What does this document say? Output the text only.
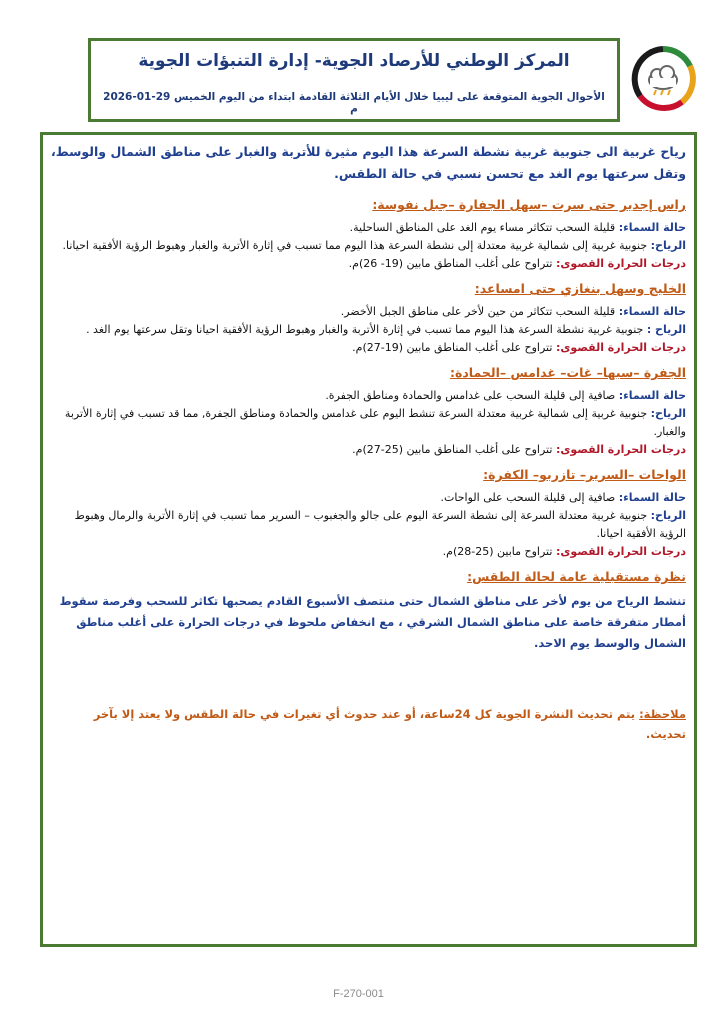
المركز الوطني للأرصاد الجوية- إدارة التنبؤات الجوية
الأحوال الجوية المتوقعة على ليبيا خلال الأيام الثلاثة القادمة ابتداء من اليوم الخميس 29-01-2026 م
رياح غربية الى جنوبية غربية نشطة السرعة هذا اليوم مثيرة للأتربة والغبار على مناطق الشمال والوسط، وتقل سرعتها يوم الغد مع تحسن نسبي في حالة الطقس.
راس إجدير حتى سرت –سهل الجفارة –جبل نفوسة:
حالة السماء: قليلة السحب تتكاثر مساء يوم الغد على المناطق الساحلية.
الرياح: جنوبية غربية إلى شمالية غربية معتدلة إلى نشطة السرعة هذا اليوم مما تسبب في إثارة الأتربة والغبار وهبوط الرؤية الأفقية احيانا.
درجات الحرارة القصوى: تتراوح على أغلب المناطق مابين (19- 26)م.
الخليج وسهل بنغازي حتى امساعد:
حالة السماء: قليلة السحب تتكاثر من حين لأخر على مناطق الجبل الأخضر.
الرياح : جنوبية غربية نشطة السرعة هذا اليوم مما تسبب في إثارة الأتربة والغبار وهبوط الرؤية الأفقية احيانا وتقل سرعتها يوم الغد .
درجات الحرارة القصوى: تتراوح على أغلب المناطق مابين (19-27)م.
الجفرة –سبها– غات– غدامس –الحمادة:
حالة السماء: صافية إلى قليلة السحب على غدامس والحمادة ومناطق الجفرة.
الرياح: جنوبية غربية إلى شمالية غربية معتدلة السرعة تنشط اليوم على غدامس والحمادة ومناطق الجفرة, مما قد تسبب في إثارة الأتربة والغبار.
درجات الحرارة القصوى: تتراوح على أغلب المناطق مابين (25-27)م.
الواحات –السرير– تازربو– الكفرة:
حالة السماء: صافية إلى قليلة السحب على الواحات.
الرياح: جنوبية غربية معتدلة السرعة إلى نشطة السرعة اليوم على جالو والجغبوب – السرير مما تسبب في إثارة الأتربة والرمال وهبوط الرؤية الأفقية احيانا.
درجات الحرارة القصوى: تتراوح مابين (25-28)م.
نظرة مستقبلية عامة لحالة الطقس:
تنشط الرياح من يوم لأخر على مناطق الشمال حتى منتصف الأسبوع القادم يصحبها تكاثر للسحب وفرصة سقوط أمطار متفرقة خاصة على مناطق الشمال الشرقي ، مع انخفاض ملحوظ في درجات الحرارة على أغلب مناطق الشمال والوسط يوم الاحد.
ملاحظة: يتم تحديث النشرة الجوية كل 24ساعة، أو عند حدوث أي تغيرات في حالة الطقس ولا يعتد إلا بآخر تحديث.
F-270-001
